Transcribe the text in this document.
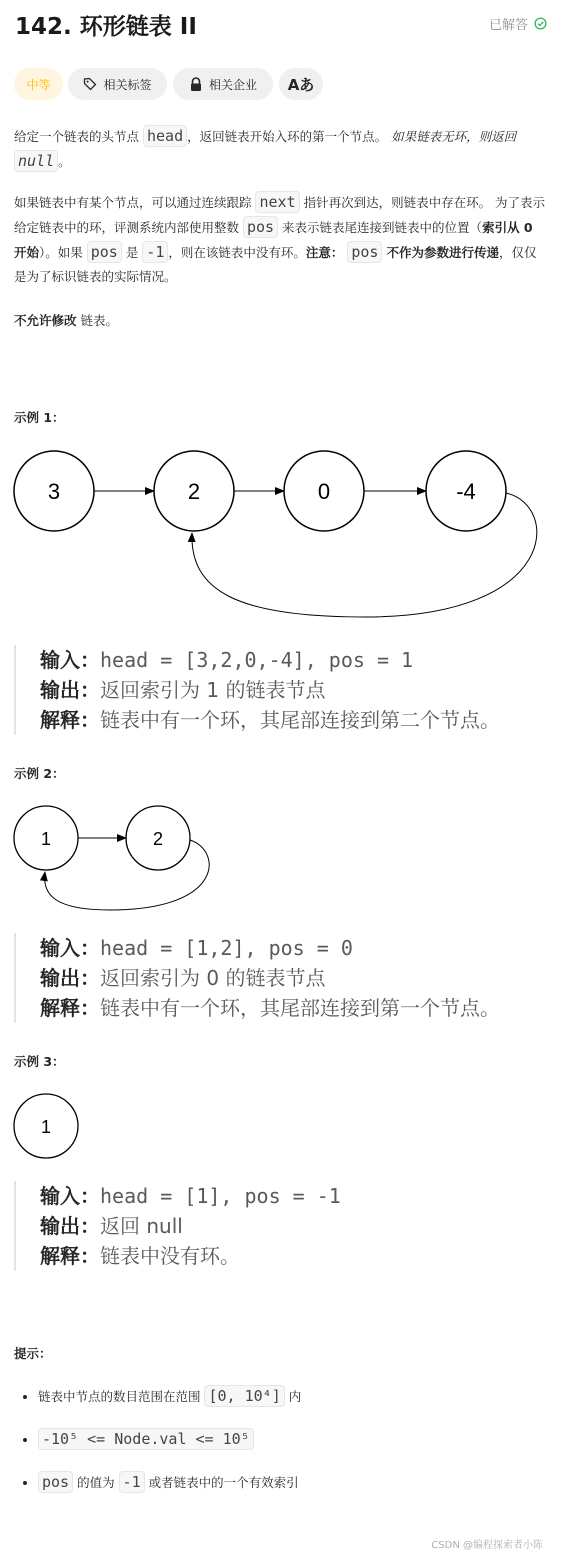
142. 环形链表 II	已解答
中等	相关标签	相关企业 Aあ

给定一个链表的头节点 head ，返回链表开始入环的第一个节点。 如果链表无环，则返回 null 。

如果链表中有某个节点，可以通过连续跟踪 next 指针再次到达，则链表中存在环。 为了表示给定链表中的环，评测系统内部使用整数 pos 来表示链表尾连接到链表中的位置（索引从 0 开始）。如果 pos 是 -1 ，则在该链表中没有环。注意： pos 不作为参数进行传递，仅仅是为了标识链表的实际情况。

不允许修改 链表。

示例 1：
3	2	0	-4
输入：head = [3,2,0,-4], pos = 1
输出：返回索引为 1 的链表节点
解释：链表中有一个环，其尾部连接到第二个节点。
示例 2：
1	2
输入：head = [1,2], pos = 0
输出：返回索引为 0 的链表节点
解释：链表中有一个环，其尾部连接到第一个节点。
示例 3：
1
输入：head = [1], pos = -1
输出：返回 null
解释：链表中没有环。
提示：
• 链表中节点的数目范围在范围 [0, 10⁴] 内
• -10⁵ <= Node.val <= 10⁵
• pos 的值为 -1 或者链表中的一个有效索引
CSDN @编程探索者小陈
